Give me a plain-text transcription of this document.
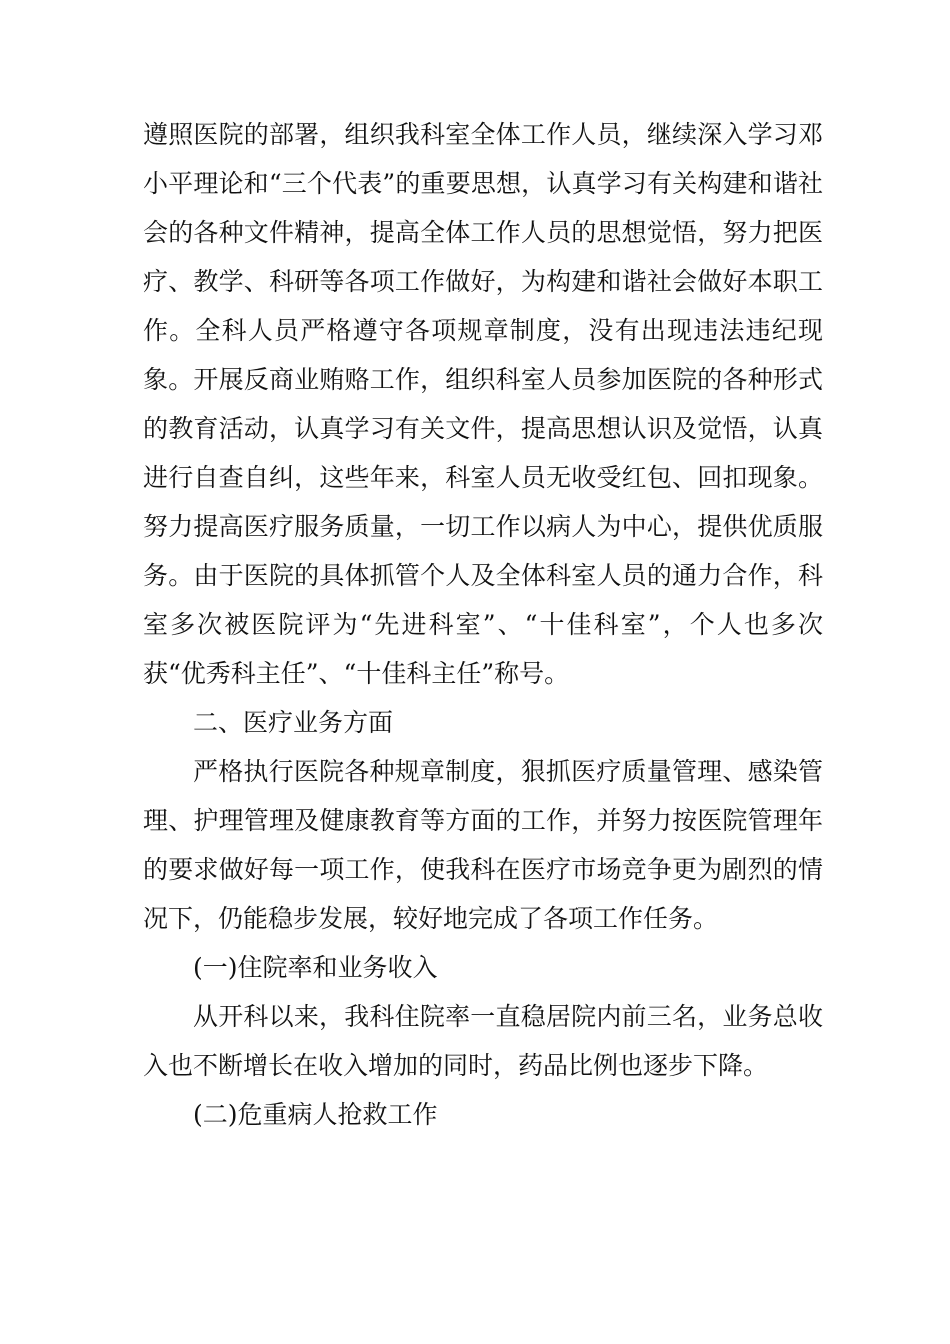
遵照医院的部署，组织我科室全体工作人员，继续深入学习邓小平理论和“三个代表”的重要思想，认真学习有关构建和谐社会的各种文件精神，提高全体工作人员的思想觉悟，努力把医疗、教学、科研等各项工作做好，为构建和谐社会做好本职工作。全科人员严格遵守各项规章制度，没有出现违法违纪现象。开展反商业贿赂工作，组织科室人员参加医院的各种形式的教育活动，认真学习有关文件，提高思想认识及觉悟，认真进行自查自纠，这些年来，科室人员无收受红包、回扣现象。努力提高医疗服务质量，一切工作以病人为中心，提供优质服务。由于医院的具体抓管个人及全体科室人员的通力合作，科室多次被医院评为“先进科室”、“十佳科室”，个人也多次获“优秀科主任”、“十佳科主任”称号。

二、医疗业务方面

严格执行医院各种规章制度，狠抓医疗质量管理、感染管理、护理管理及健康教育等方面的工作，并努力按医院管理年的要求做好每一项工作，使我科在医疗市场竞争更为剧烈的情况下，仍能稳步发展，较好地完成了各项工作任务。

(一)住院率和业务收入

从开科以来，我科住院率一直稳居院内前三名，业务总收入也不断增长在收入增加的同时，药品比例也逐步下降。

(二)危重病人抢救工作
